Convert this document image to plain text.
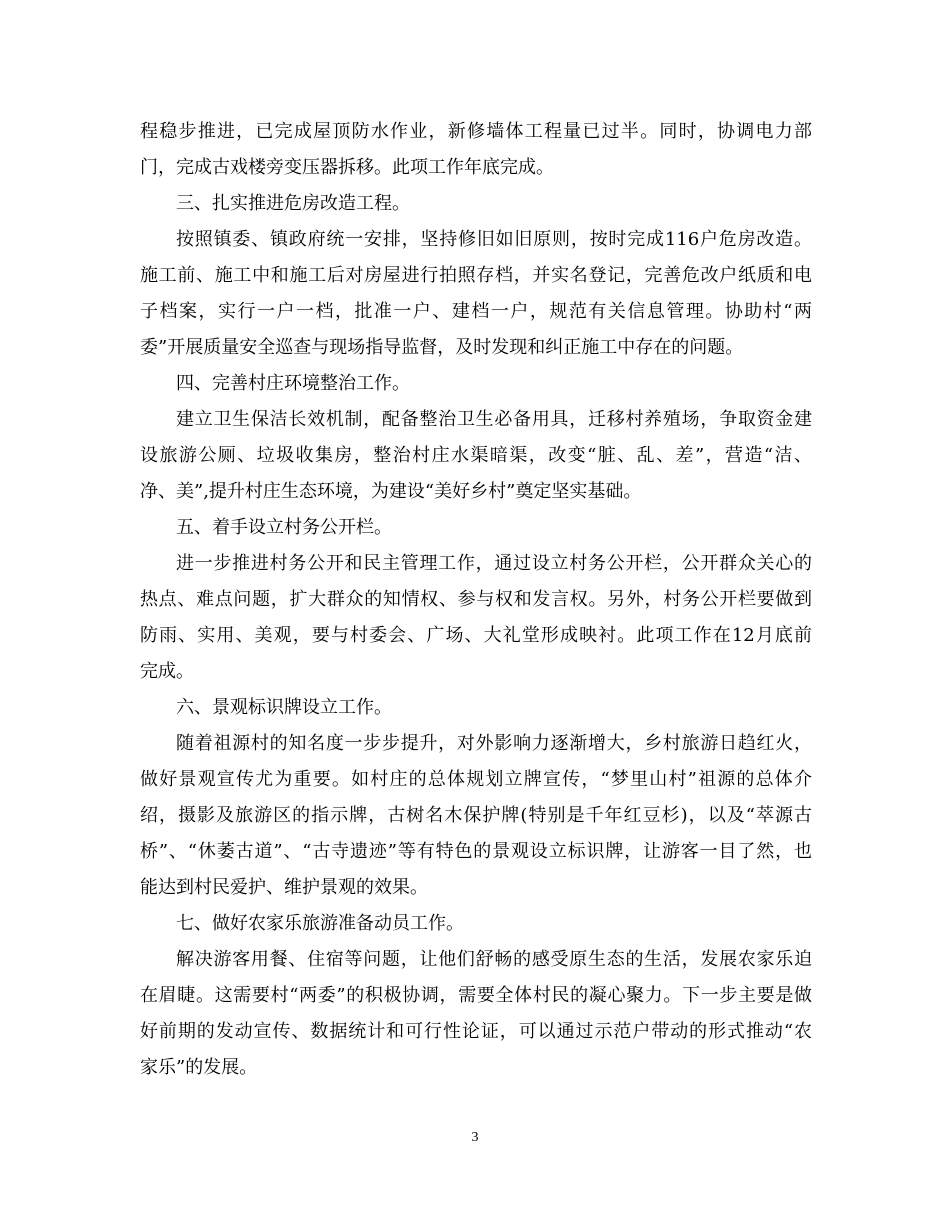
程稳步推进，已完成屋顶防水作业，新修墙体工程量已过半。同时，协调电力部
门，完成古戏楼旁变压器拆移。此项工作年底完成。
三、扎实推进危房改造工程。
按照镇委、镇政府统一安排，坚持修旧如旧原则，按时完成116户危房改造。
施工前、施工中和施工后对房屋进行拍照存档，并实名登记，完善危改户纸质和电
子档案，实行一户一档，批准一户、建档一户，规范有关信息管理。协助村“两
委”开展质量安全巡查与现场指导监督，及时发现和纠正施工中存在的问题。
四、完善村庄环境整治工作。
建立卫生保洁长效机制，配备整治卫生必备用具，迁移村养殖场，争取资金建
设旅游公厕、垃圾收集房，整治村庄水渠暗渠，改变“脏、乱、差”，营造“洁、
净、美”,提升村庄生态环境，为建设“美好乡村”奠定坚实基础。
五、着手设立村务公开栏。
进一步推进村务公开和民主管理工作，通过设立村务公开栏，公开群众关心的
热点、难点问题，扩大群众的知情权、参与权和发言权。另外，村务公开栏要做到
防雨、实用、美观，要与村委会、广场、大礼堂形成映衬。此项工作在12月底前
完成。
六、景观标识牌设立工作。
随着祖源村的知名度一步步提升，对外影响力逐渐增大，乡村旅游日趋红火，
做好景观宣传尤为重要。如村庄的总体规划立牌宣传，“梦里山村”祖源的总体介
绍，摄影及旅游区的指示牌，古树名木保护牌(特别是千年红豆杉)，以及“萃源古
桥”、“休萎古道”、“古寺遗迹”等有特色的景观设立标识牌，让游客一目了然，也
能达到村民爱护、维护景观的效果。
七、做好农家乐旅游准备动员工作。
解决游客用餐、住宿等问题，让他们舒畅的感受原生态的生活，发展农家乐迫
在眉睫。这需要村“两委”的积极协调，需要全体村民的凝心聚力。下一步主要是做
好前期的发动宣传、数据统计和可行性论证，可以通过示范户带动的形式推动“农
家乐”的发展。
3
